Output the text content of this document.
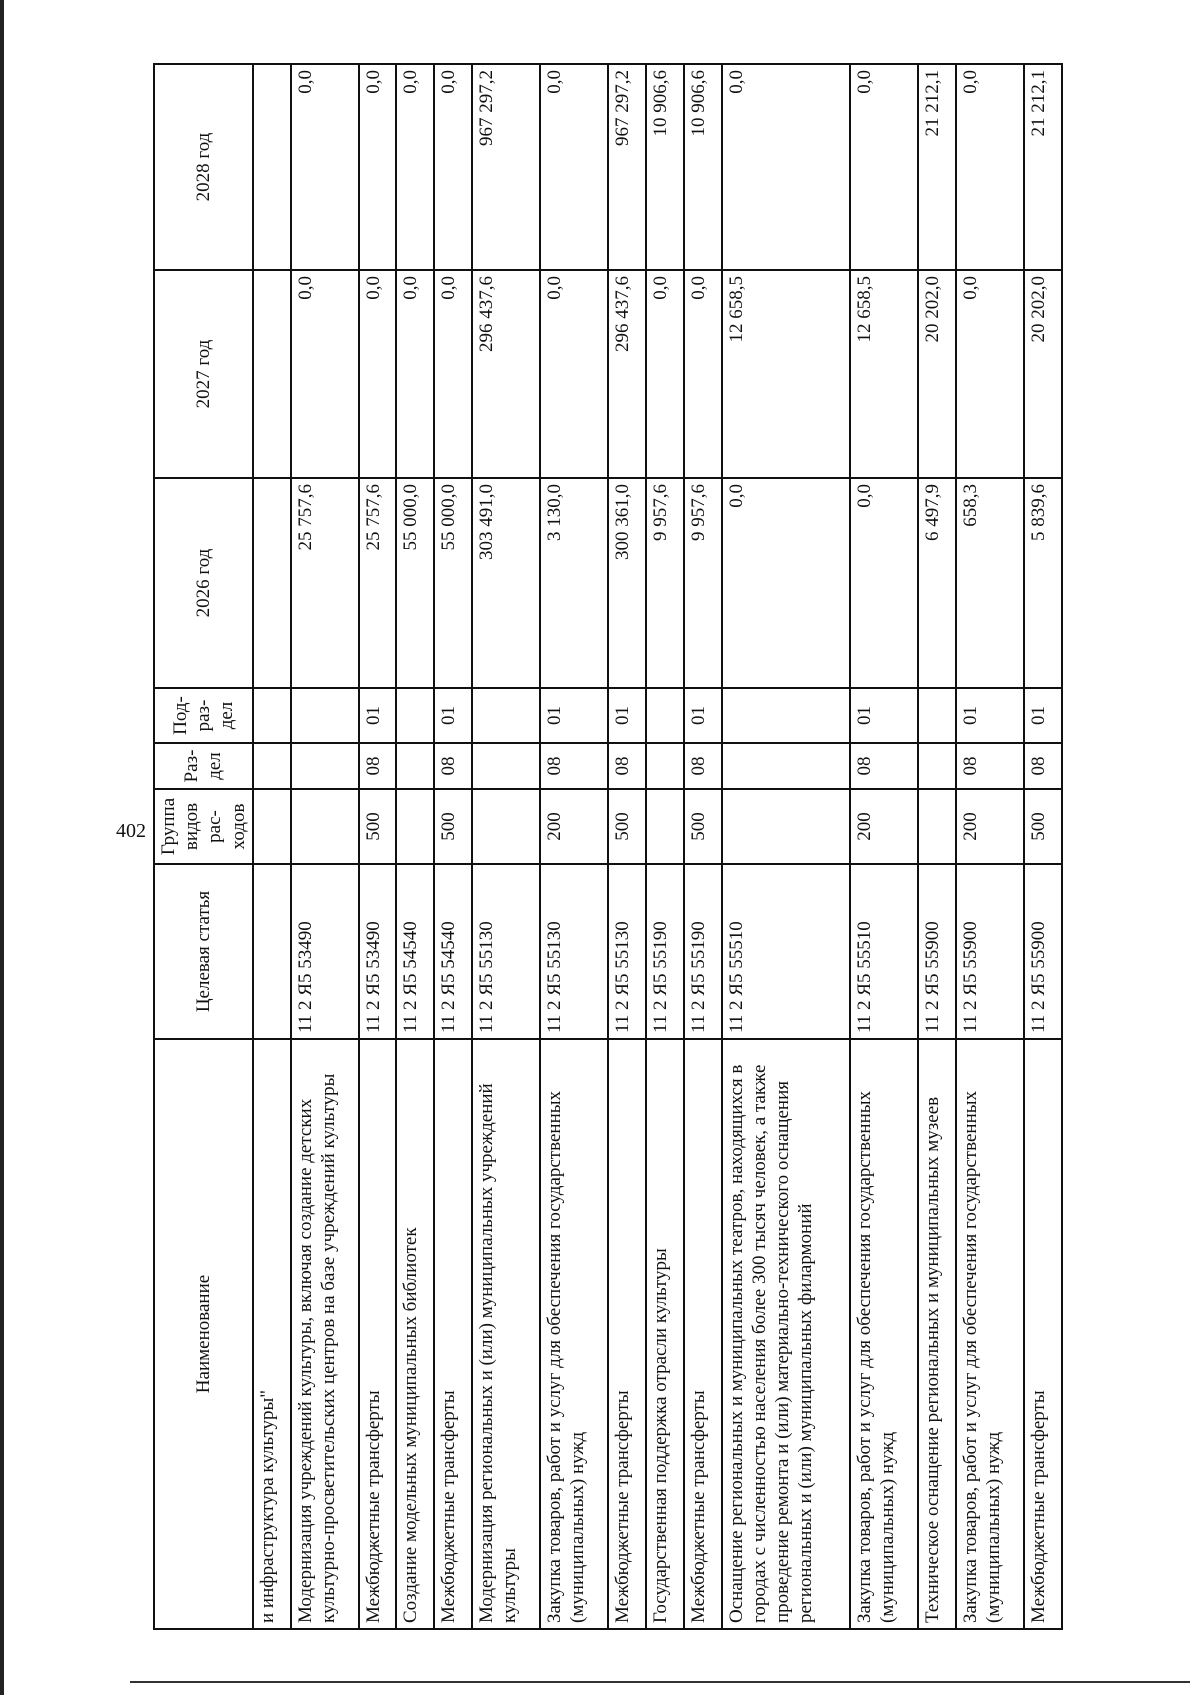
402
Наименование	Целевая статья	Группа видов рас-ходов	Раз-дел	Под-раз-дел	2026 год	2027 год	2028 год
и инфраструктура культуры"							
Модернизация учреждений культуры, включая создание детских культурно-просветительских центров на базе учреждений культуры	11 2 Я5 53490				25 757,6	0,0	0,0
Межбюджетные трансферты	11 2 Я5 53490	500	08	01	25 757,6	0,0	0,0
Создание модельных муниципальных библиотек	11 2 Я5 54540				55 000,0	0,0	0,0
Межбюджетные трансферты	11 2 Я5 54540	500	08	01	55 000,0	0,0	0,0
Модернизация региональных и (или) муниципальных учреждений культуры	11 2 Я5 55130				303 491,0	296 437,6	967 297,2
Закупка товаров, работ и услуг для обеспечения государственных (муниципальных) нужд	11 2 Я5 55130	200	08	01	3 130,0	0,0	0,0
Межбюджетные трансферты	11 2 Я5 55130	500	08	01	300 361,0	296 437,6	967 297,2
Государственная поддержка отрасли культуры	11 2 Я5 55190				9 957,6	0,0	10 906,6
Межбюджетные трансферты	11 2 Я5 55190	500	08	01	9 957,6	0,0	10 906,6
Оснащение региональных и муниципальных театров, находящихся в городах с численностью населения более 300 тысяч человек, а также проведение ремонта и (или) материально-технического оснащения региональных и (или) муниципальных филармоний	11 2 Я5 55510				0,0	12 658,5	0,0
Закупка товаров, работ и услуг для обеспечения государственных (муниципальных) нужд	11 2 Я5 55510	200	08	01	0,0	12 658,5	0,0
Техническое оснащение региональных и муниципальных музеев	11 2 Я5 55900				6 497,9	20 202,0	21 212,1
Закупка товаров, работ и услуг для обеспечения государственных (муниципальных) нужд	11 2 Я5 55900	200	08	01	658,3	0,0	0,0
Межбюджетные трансферты	11 2 Я5 55900	500	08	01	5 839,6	20 202,0	21 212,1
